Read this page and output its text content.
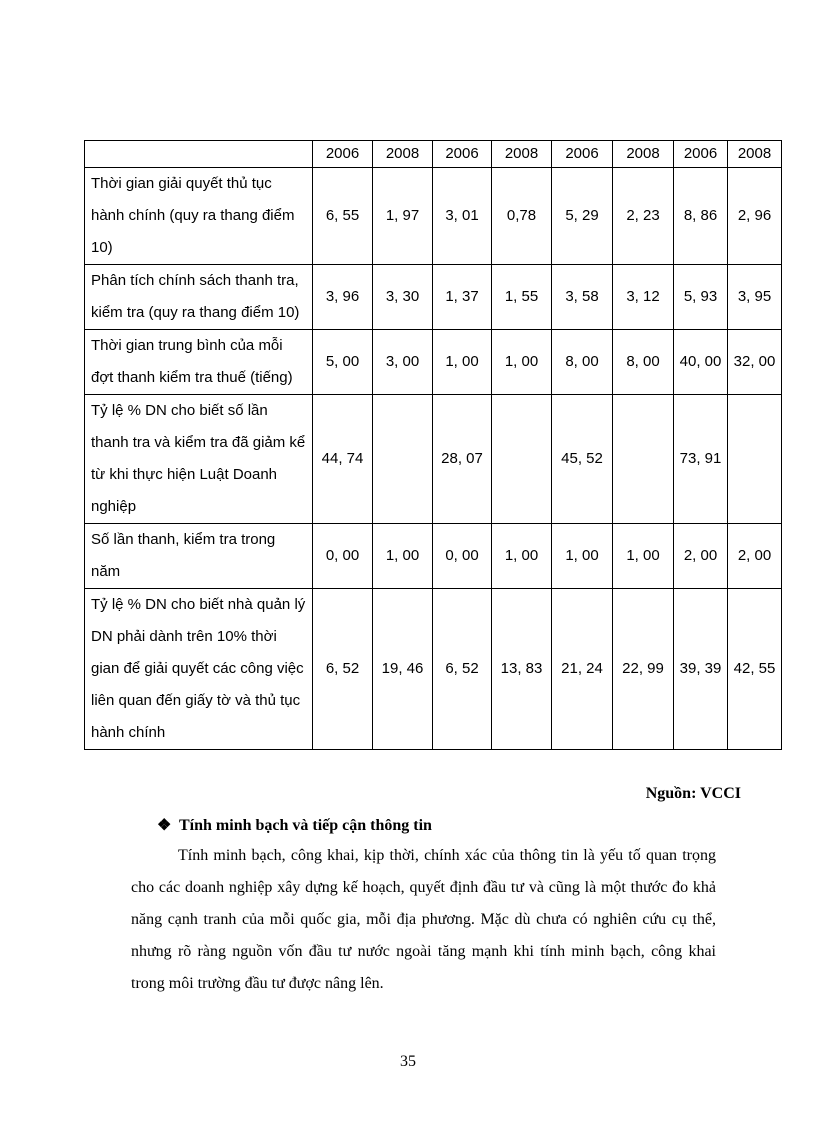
	2006	2008	2006	2008	2006	2008	2006	2008
Thời gian giải quyết thủ tục hành chính (quy ra thang điểm 10)	6, 55	1, 97	3, 01	0,78	5, 29	2, 23	8, 86	2, 96
Phân tích chính sách thanh tra, kiểm tra (quy ra thang điểm 10)	3, 96	3, 30	1, 37	1, 55	3, 58	3, 12	5, 93	3, 95
Thời gian trung bình của mỗi đợt thanh kiểm tra thuế (tiếng)	5, 00	3, 00	1, 00	1, 00	8, 00	8, 00	40, 00	32, 00
Tỷ lệ % DN cho biết số lần thanh tra và kiểm tra đã giảm kể từ khi thực hiện Luật Doanh nghiệp	44, 74		28, 07		45, 52		73, 91	
Số lần thanh, kiểm tra trong năm	0, 00	1, 00	0, 00	1, 00	1, 00	1, 00	2, 00	2, 00
Tỷ lệ % DN cho biết nhà quản lý DN phải dành trên 10% thời gian để giải quyết các công việc liên quan đến giấy tờ và thủ tục hành chính	6, 52	19, 46	6, 52	13, 83	21, 24	22, 99	39, 39	42, 55
Nguồn: VCCI
❖ Tính minh bạch và tiếp cận thông tin

Tính minh bạch, công khai, kịp thời, chính xác của thông tin là yếu tố quan trọng cho các doanh nghiệp xây dựng kế hoạch, quyết định đầu tư và cũng là một thước đo khả năng cạnh tranh của mỗi quốc gia, mỗi địa phương. Mặc dù chưa có nghiên cứu cụ thể, nhưng rõ ràng nguồn vốn đầu tư nước ngoài tăng mạnh khi tính minh bạch, công khai trong môi trường đầu tư được nâng lên.

35
